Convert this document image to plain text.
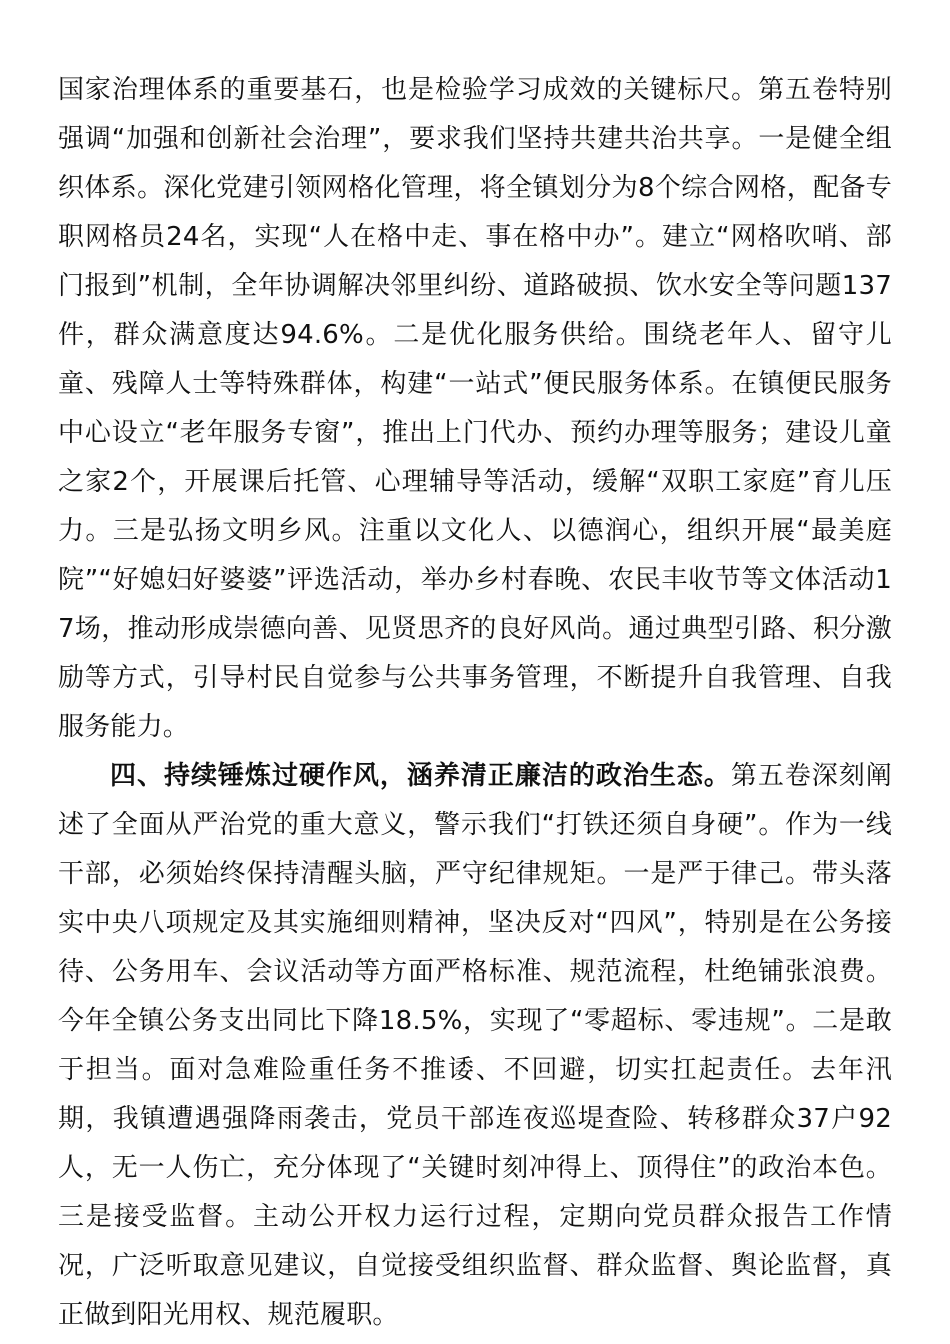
国家治理体系的重要基石，也是检验学习成效的关键标尺。第五卷特别强调“加强和创新社会治理”，要求我们坚持共建共治共享。一是健全组织体系。深化党建引领网格化管理，将全镇划分为8个综合网格，配备专职网格员24名，实现“人在格中走、事在格中办”。建立“网格吹哨、部门报到”机制，全年协调解决邻里纠纷、道路破损、饮水安全等问题137件，群众满意度达94.6%。二是优化服务供给。围绕老年人、留守儿童、残障人士等特殊群体，构建“一站式”便民服务体系。在镇便民服务中心设立“老年服务专窗”，推出上门代办、预约办理等服务；建设儿童之家2个，开展课后托管、心理辅导等活动，缓解“双职工家庭”育儿压力。三是弘扬文明乡风。注重以文化人、以德润心，组织开展“最美庭院”“好媳妇好婆婆”评选活动，举办乡村春晚、农民丰收节等文体活动17场，推动形成崇德向善、见贤思齐的良好风尚。通过典型引路、积分激励等方式，引导村民自觉参与公共事务管理，不断提升自我管理、自我服务能力。

四、持续锤炼过硬作风，涵养清正廉洁的政治生态。第五卷深刻阐述了全面从严治党的重大意义，警示我们“打铁还须自身硬”。作为一线干部，必须始终保持清醒头脑，严守纪律规矩。一是严于律己。带头落实中央八项规定及其实施细则精神，坚决反对“四风”，特别是在公务接待、公务用车、会议活动等方面严格标准、规范流程，杜绝铺张浪费。今年全镇公务支出同比下降18.5%，实现了“零超标、零违规”。二是敢于担当。面对急难险重任务不推诿、不回避，切实扛起责任。去年汛期，我镇遭遇强降雨袭击，党员干部连夜巡堤查险、转移群众37户92人，无一人伤亡，充分体现了“关键时刻冲得上、顶得住”的政治本色。三是接受监督。主动公开权力运行过程，定期向党员群众报告工作情况，广泛听取意见建议，自觉接受组织监督、群众监督、舆论监督，真正做到阳光用权、规范履职。
